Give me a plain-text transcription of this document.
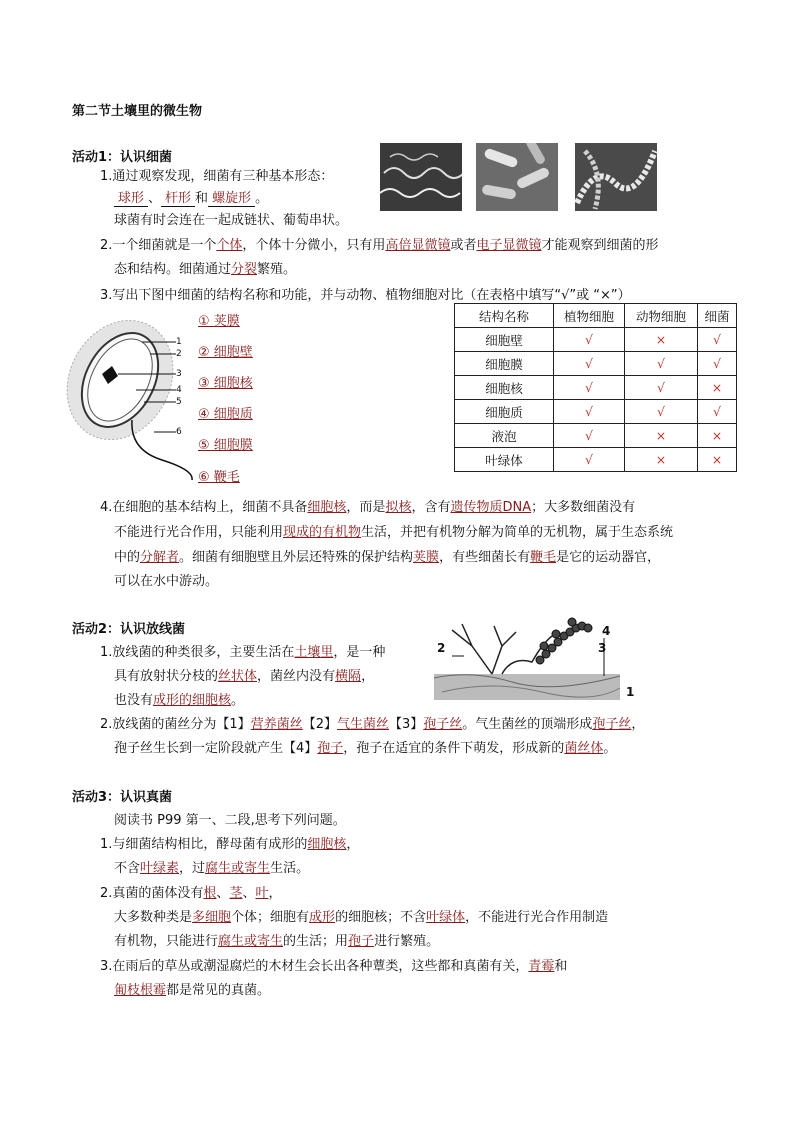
第二节土壤里的微生物
活动1：认识细菌
1.通过观察发现，细菌有三种基本形态：
球形 、 杆形 和 螺旋形 。
球菌有时会连在一起成链状、葡萄串状。
2.一个细菌就是一个个体，个体十分微小，只有用高倍显微镜或者电子显微镜才能观察到细菌的形
态和结构。细菌通过分裂繁殖。
3.写出下图中细菌的结构名称和功能，并与动物、植物细胞对比（在表格中填写“√”或 “×”）
1
2
3
4
5
6
① 荚膜
② 细胞壁
③ 细胞核
④ 细胞质
⑤ 细胞膜
⑥ 鞭毛
结构名称	植物细胞	动物细胞	细菌
细胞壁	√	×	√
细胞膜	√	√	√
细胞核	√	√	×
细胞质	√	√	√
液泡	√	×	×
叶绿体	√	×	×
4.在细胞的基本结构上，细菌不具备细胞核，而是拟核，含有遗传物质DNA；大多数细菌没有
不能进行光合作用，只能利用现成的有机物生活，并把有机物分解为简单的无机物，属于生态系统
中的分解者。细菌有细胞壁且外层还特殊的保护结构荚膜，有些细菌长有鞭毛是它的运动器官，
可以在水中游动。
活动2：认识放线菌
1.放线菌的种类很多，主要生活在土壤里，是一种
具有放射状分枝的丝状体，菌丝内没有横隔，
也没有成形的细胞核。
4
3
2
1
2.放线菌的菌丝分为【1】营养菌丝【2】气生菌丝【3】孢子丝。气生菌丝的顶端形成孢子丝，
孢子丝生长到一定阶段就产生【4】孢子，孢子在适宜的条件下萌发，形成新的菌丝体。
活动3：认识真菌
阅读书 P99 第一、二段,思考下列问题。
1.与细菌结构相比，酵母菌有成形的细胞核，
不含叶绿素，过腐生或寄生生活。
2.真菌的菌体没有根、茎、叶，
大多数种类是多细胞个体；细胞有成形的细胞核；不含叶绿体，不能进行光合作用制造
有机物，只能进行腐生或寄生的生活；用孢子进行繁殖。
3.在雨后的草丛或潮湿腐烂的木材生会长出各种蕈类，这些都和真菌有关，青霉和
匍枝根霉都是常见的真菌。
